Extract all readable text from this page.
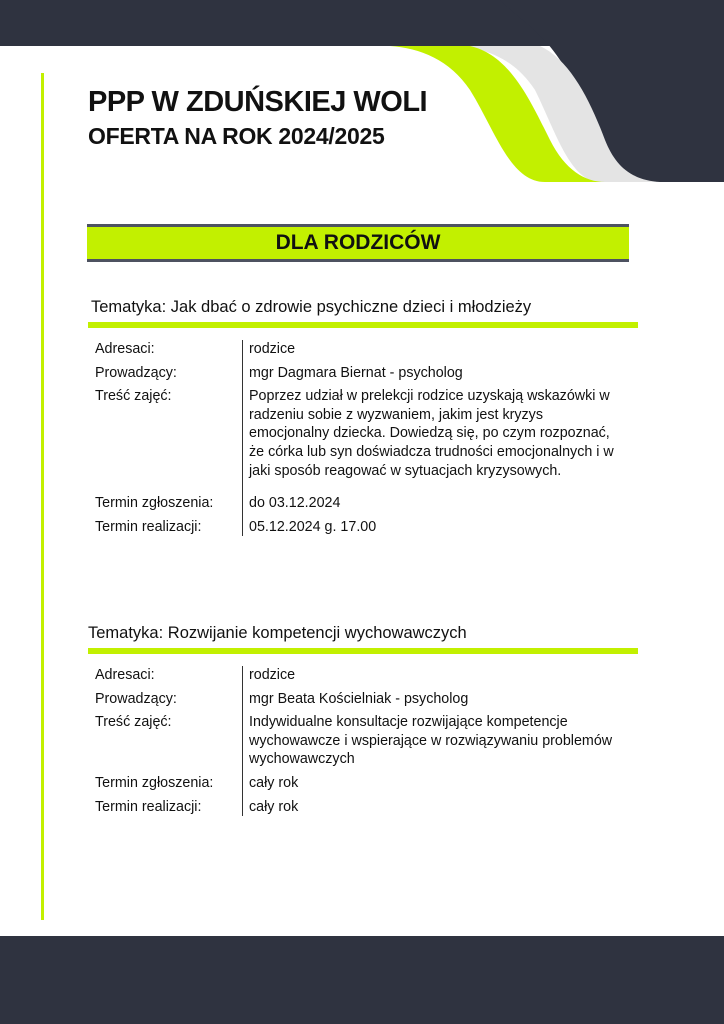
PPP W ZDUŃSKIEJ WOLI
OFERTA NA ROK 2024/2025
DLA RODZICÓW
Tematyka: Jak dbać o zdrowie psychiczne dzieci i młodzieży
Adresaci:	rodzice
Prowadzący:	mgr Dagmara Biernat - psycholog
Treść zajęć:	Poprzez udział w prelekcji rodzice uzyskają wskazówki w radzeniu sobie z wyzwaniem, jakim jest kryzys emocjonalny dziecka. Dowiedzą się, po czym rozpoznać, że córka lub syn doświadcza trudności emocjonalnych i w jaki sposób reagować w sytuacjach kryzysowych.
Termin zgłoszenia:	do 03.12.2024
Termin realizacji:	05.12.2024 g. 17.00
Tematyka: Rozwijanie kompetencji wychowawczych
Adresaci:	rodzice
Prowadzący:	mgr Beata Kościelniak - psycholog
Treść zajęć:	Indywidualne konsultacje rozwijające kompetencje wychowawcze i wspierające w rozwiązywaniu problemów wychowawczych
Termin zgłoszenia:	cały rok
Termin realizacji:	cały rok
